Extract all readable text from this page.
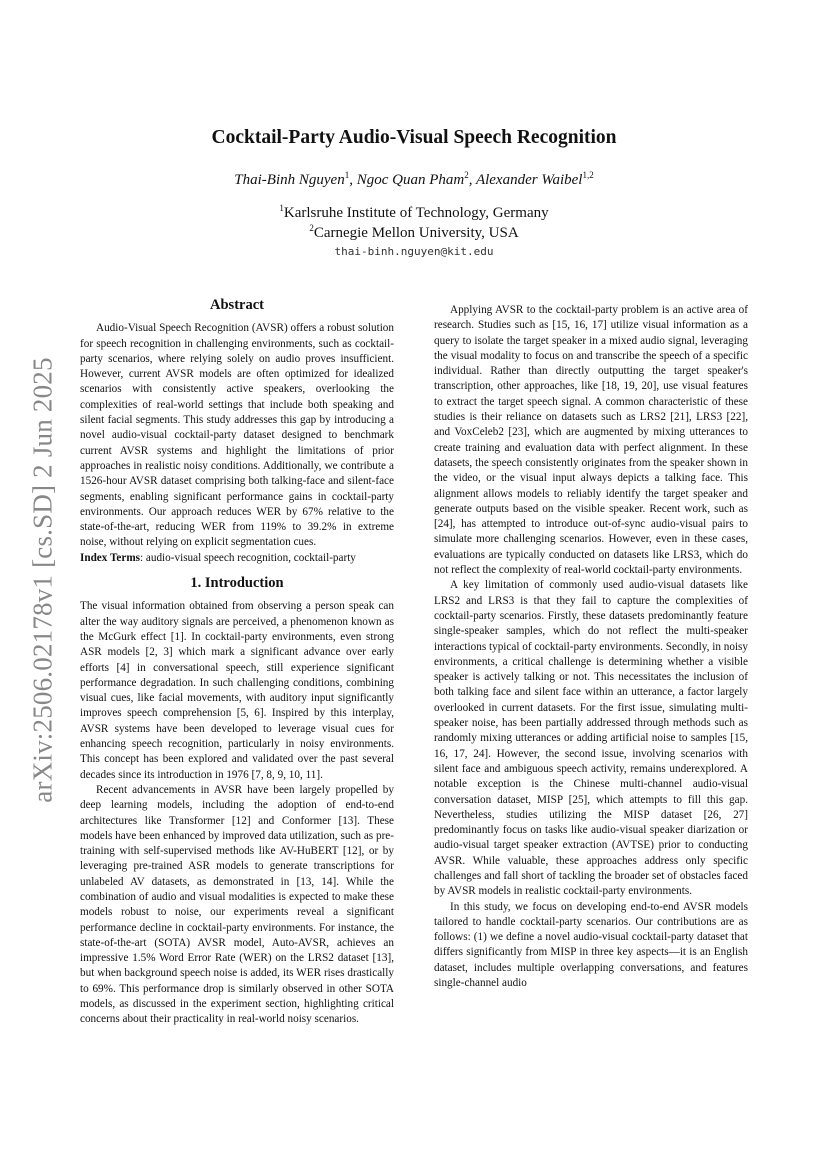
arXiv:2506.02178v1 [cs.SD] 2 Jun 2025
Cocktail-Party Audio-Visual Speech Recognition
Thai-Binh Nguyen$^1$, Ngoc Quan Pham$^2$, Alexander Waibel$^{1,2}$
$^1$Karlsruhe Institute of Technology, Germany
$^2$Carnegie Mellon University, USA
thai-binh.nguyen@kit.edu
Abstract

Audio-Visual Speech Recognition (AVSR) offers a robust solution for speech recognition in challenging environments, such as cocktail-party scenarios, where relying solely on audio proves insufficient. However, current AVSR models are often optimized for idealized scenarios with consistently active speakers, overlooking the complexities of real-world settings that include both speaking and silent facial segments. This study addresses this gap by introducing a novel audio-visual cocktail-party dataset designed to benchmark current AVSR systems and highlight the limitations of prior approaches in realistic noisy conditions. Additionally, we contribute a 1526-hour AVSR dataset comprising both talking-face and silent-face segments, enabling significant performance gains in cocktail-party environments. Our approach reduces WER by 67% relative to the state-of-the-art, reducing WER from 119% to 39.2% in extreme noise, without relying on explicit segmentation cues.

Index Terms: audio-visual speech recognition, cocktail-party

1. Introduction

The visual information obtained from observing a person speak can alter the way auditory signals are perceived, a phenomenon known as the McGurk effect [1]. In cocktail-party environments, even strong ASR models [2, 3] which mark a significant advance over early efforts [4] in conversational speech, still experience significant performance degradation. In such challenging conditions, combining visual cues, like facial movements, with auditory input significantly improves speech comprehension [5, 6]. Inspired by this interplay, AVSR systems have been developed to leverage visual cues for enhancing speech recognition, particularly in noisy environments. This concept has been explored and validated over the past several decades since its introduction in 1976 [7, 8, 9, 10, 11].

Recent advancements in AVSR have been largely propelled by deep learning models, including the adoption of end-to-end architectures like Transformer [12] and Conformer [13]. These models have been enhanced by improved data utilization, such as pre-training with self-supervised methods like AV-HuBERT [12], or by leveraging pre-trained ASR models to generate transcriptions for unlabeled AV datasets, as demonstrated in [13, 14]. While the combination of audio and visual modalities is expected to make these models robust to noise, our experiments reveal a significant performance decline in cocktail-party environments. For instance, the state-of-the-art (SOTA) AVSR model, Auto-AVSR, achieves an impressive 1.5% Word Error Rate (WER) on the LRS2 dataset [13], but when background speech noise is added, its WER rises drastically to 69%. This performance drop is similarly observed in other SOTA models, as discussed in the experiment section, highlighting critical concerns about their practicality in real-world noisy scenarios.

Applying AVSR to the cocktail-party problem is an active area of research. Studies such as [15, 16, 17] utilize visual information as a query to isolate the target speaker in a mixed audio signal, leveraging the visual modality to focus on and transcribe the speech of a specific individual. Rather than directly outputting the target speaker's transcription, other approaches, like [18, 19, 20], use visual features to extract the target speech signal. A common characteristic of these studies is their reliance on datasets such as LRS2 [21], LRS3 [22], and VoxCeleb2 [23], which are augmented by mixing utterances to create training and evaluation data with perfect alignment. In these datasets, the speech consistently originates from the speaker shown in the video, or the visual input always depicts a talking face. This alignment allows models to reliably identify the target speaker and generate outputs based on the visible speaker. Recent work, such as [24], has attempted to introduce out-of-sync audio-visual pairs to simulate more challenging scenarios. However, even in these cases, evaluations are typically conducted on datasets like LRS3, which do not reflect the complexity of real-world cocktail-party environments.

A key limitation of commonly used audio-visual datasets like LRS2 and LRS3 is that they fail to capture the complexities of cocktail-party scenarios. Firstly, these datasets predominantly feature single-speaker samples, which do not reflect the multi-speaker interactions typical of cocktail-party environments. Secondly, in noisy environments, a critical challenge is determining whether a visible speaker is actively talking or not. This necessitates the inclusion of both talking face and silent face within an utterance, a factor largely overlooked in current datasets. For the first issue, simulating multi-speaker noise, has been partially addressed through methods such as randomly mixing utterances or adding artificial noise to samples [15, 16, 17, 24]. However, the second issue, involving scenarios with silent face and ambiguous speech activity, remains underexplored. A notable exception is the Chinese multi-channel audio-visual conversation dataset, MISP [25], which attempts to fill this gap. Nevertheless, studies utilizing the MISP dataset [26, 27] predominantly focus on tasks like audio-visual speaker diarization or audio-visual target speaker extraction (AVTSE) prior to conducting AVSR. While valuable, these approaches address only specific challenges and fall short of tackling the broader set of obstacles faced by AVSR models in realistic cocktail-party environments.

In this study, we focus on developing end-to-end AVSR models tailored to handle cocktail-party scenarios. Our contributions are as follows: (1) we define a novel audio-visual cocktail-party dataset that differs significantly from MISP in three key aspects—it is an English dataset, includes multiple overlapping conversations, and features single-channel audio
